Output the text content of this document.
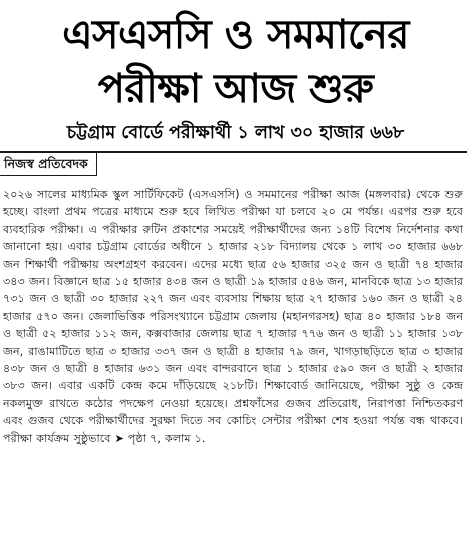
এসএসসি ও সমমানের
পরীক্ষা আজ শুরু
চট্টগ্রাম বোর্ডে পরীক্ষার্থী ১ লাখ ৩০ হাজার ৬৬৮
নিজস্ব প্রতিবেদক

২০২৬ সালের মাধ্যমিক স্কুল সার্টিফিকেট (এসএসসি) ও সমমানের পরীক্ষা আজ (মঙ্গলবার) থেকে শুরু হচ্ছে। বাংলা প্রথম পত্রের মাধ্যমে শুরু হবে লিখিত পরীক্ষা যা চলবে ২০ মে পর্যন্ত। এরপর শুরু হবে ব্যবহারিক পরীক্ষা। এ পরীক্ষার রুটিন প্রকাশের সময়েই পরীক্ষার্থীদের জন্য ১৪টি বিশেষ নির্দেশনার কথা জানানো হয়। এবার চট্টগ্রাম বোর্ডের অধীনে ১ হাজার ২১৮ বিদ্যালয় থেকে ১ লাখ ৩০ হাজার ৬৬৮ জন শিক্ষার্থী পরীক্ষায় অংশগ্রহণ করবেন। এদের মধ্যে ছাত্র ৫৬ হাজার ৩২৫ জন ও ছাত্রী ৭৪ হাজার ৩৪৩ জন। বিজ্ঞানে ছাত্র ১৫ হাজার ৪৩৪ জন ও ছাত্রী ১৯ হাজার ৫৪৬ জন, মানবিকে ছাত্র ১৩ হাজার ৭৩১ জন ও ছাত্রী ৩০ হাজার ২২৭ জন এবং ব্যবসায় শিক্ষায় ছাত্র ২৭ হাজার ১৬০ জন ও ছাত্রী ২৪ হাজার ৫৭০ জন। জেলাভিত্তিক পরিসংখ্যানে চট্টগ্রাম জেলায় (মহানগরসহ) ছাত্র ৪০ হাজার ১৮৪ জন ও ছাত্রী ৫২ হাজার ১১২ জন, কক্সবাজার জেলায় ছাত্র ৭ হাজার ৭৭৬ জন ও ছাত্রী ১১ হাজার ১৩৮ জন, রাঙামাটিতে ছাত্র ৩ হাজার ৩৩৭ জন ও ছাত্রী ৪ হাজার ৭৯ জন, খাগড়াছড়িতে ছাত্র ৩ হাজার ৪৩৮ জন ও ছাত্রী ৪ হাজার ৬৩১ জন এবং বান্দরবানে ছাত্র ১ হাজার ৫৯০ জন ও ছাত্রী ২ হাজার ৩৮৩ জন। এবার একটি কেন্দ্র কমে দাঁড়িয়েছে ২১৮টি। শিক্ষাবোর্ড জানিয়েছে, পরীক্ষা সুষ্ঠু ও কেন্দ্র নকলমুক্ত রাখতে কঠোর পদক্ষেপ নেওয়া হয়েছে। প্রশ্নফাঁসের গুজব প্রতিরোধ, নিরাপত্তা নিশ্চিতকরণ এবং গুজব থেকে পরীক্ষার্থীদের সুরক্ষা দিতে সব কোচিং সেন্টার পরীক্ষা শেষ হওয়া পর্যন্ত বন্ধ থাকবে। পরীক্ষা কার্যক্রম সুষ্ঠুভাবে ➤ পৃষ্ঠা ৭, কলাম ১.
